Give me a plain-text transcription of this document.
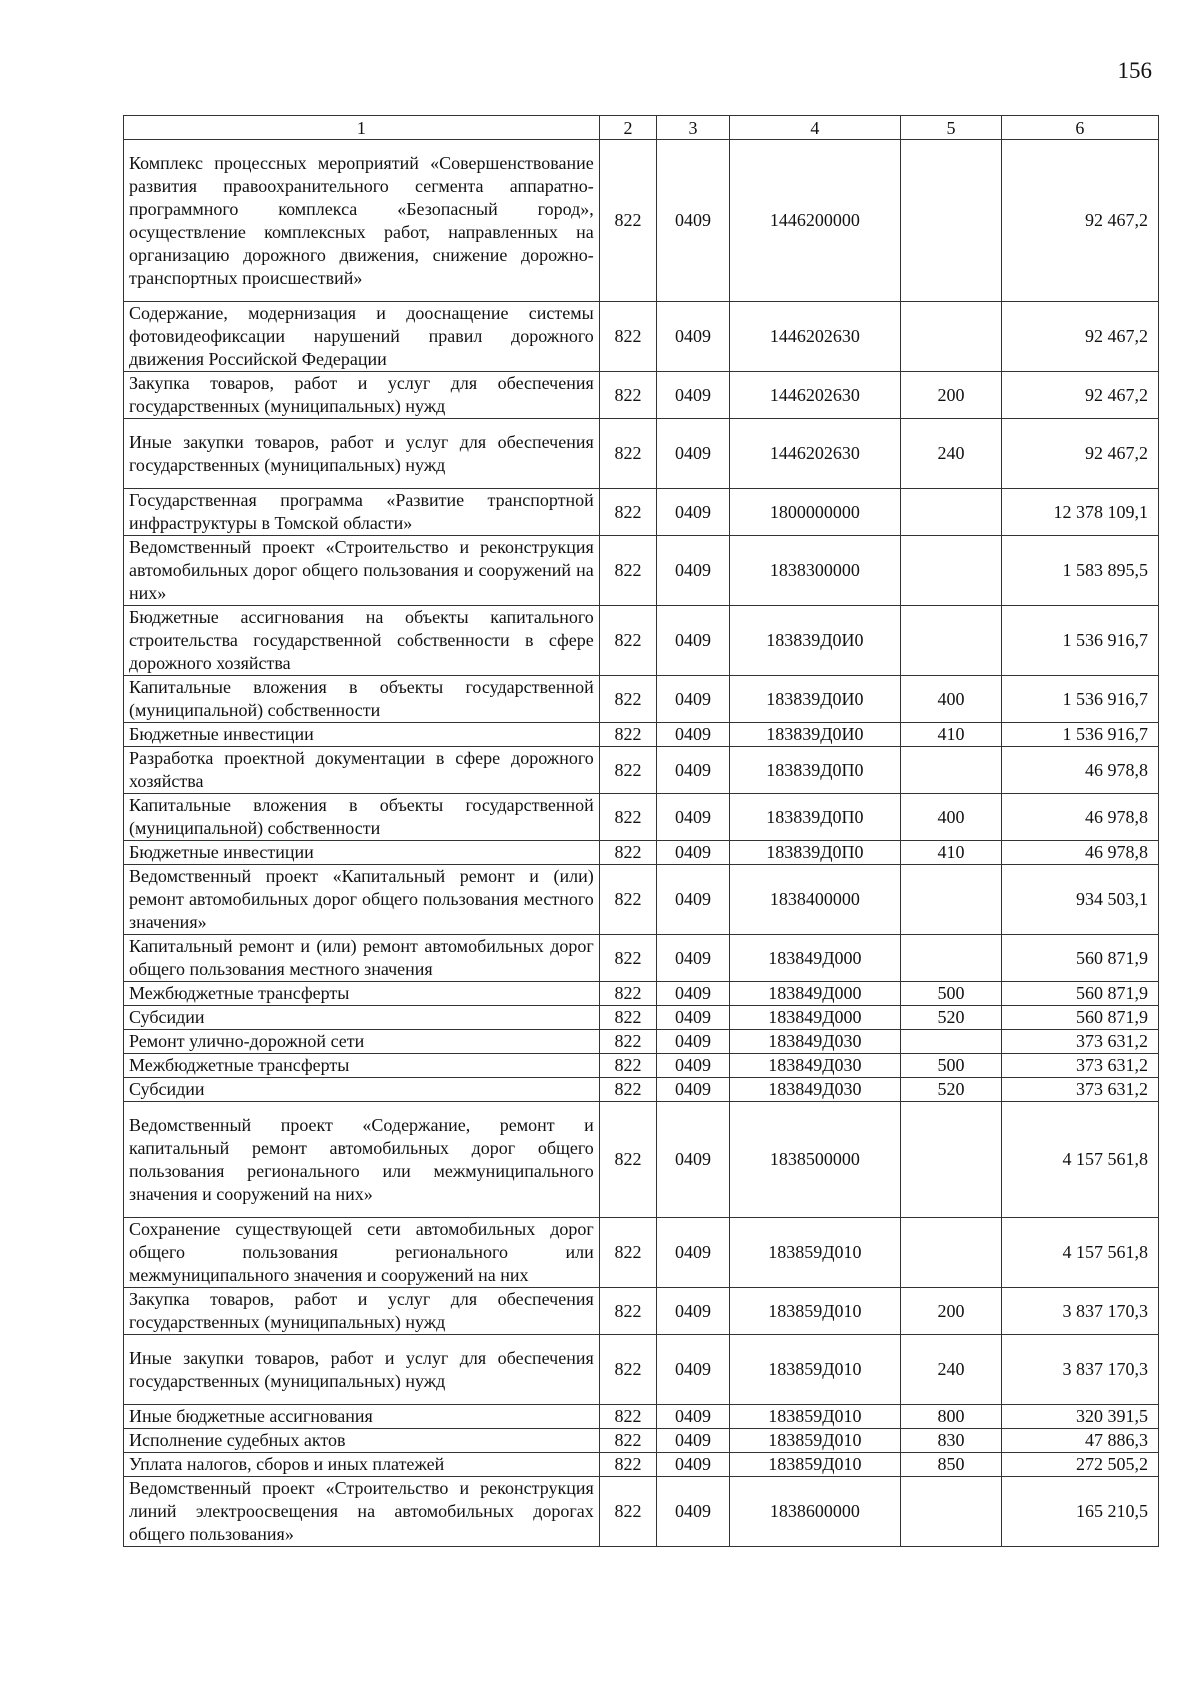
156
1	2	3	4	5	6
Комплекс процессных мероприятий «Совершенствование развития правоохранительного сегмента аппаратно-программного комплекса «Безопасный город», осуществление комплексных работ, направленных на организацию дорожного движения, снижение дорожно-транспортных происшествий»	822	0409	1446200000		92 467,2
Содержание, модернизация и дооснащение системы фотовидеофиксации нарушений правил дорожного движения Российской Федерации	822	0409	1446202630		92 467,2
Закупка товаров, работ и услуг для обеспечения государственных (муниципальных) нужд	822	0409	1446202630	200	92 467,2
Иные закупки товаров, работ и услуг для обеспечения государственных (муниципальных) нужд	822	0409	1446202630	240	92 467,2
Государственная программа «Развитие транспортной инфраструктуры в Томской области»	822	0409	1800000000		12 378 109,1
Ведомственный проект «Строительство и реконструкция автомобильных дорог общего пользования и сооружений на них»	822	0409	1838300000		1 583 895,5
Бюджетные ассигнования на объекты капитального строительства государственной собственности в сфере дорожного хозяйства	822	0409	183839Д0И0		1 536 916,7
Капитальные вложения в объекты государственной (муниципальной) собственности	822	0409	183839Д0И0	400	1 536 916,7
Бюджетные инвестиции	822	0409	183839Д0И0	410	1 536 916,7
Разработка проектной документации в сфере дорожного хозяйства	822	0409	183839Д0П0		46 978,8
Капитальные вложения в объекты государственной (муниципальной) собственности	822	0409	183839Д0П0	400	46 978,8
Бюджетные инвестиции	822	0409	183839Д0П0	410	46 978,8
Ведомственный проект «Капитальный ремонт и (или) ремонт автомобильных дорог общего пользования местного значения»	822	0409	1838400000		934 503,1
Капитальный ремонт и (или) ремонт автомобильных дорог общего пользования местного значения	822	0409	183849Д000		560 871,9
Межбюджетные трансферты	822	0409	183849Д000	500	560 871,9
Субсидии	822	0409	183849Д000	520	560 871,9
Ремонт улично-дорожной сети	822	0409	183849Д030		373 631,2
Межбюджетные трансферты	822	0409	183849Д030	500	373 631,2
Субсидии	822	0409	183849Д030	520	373 631,2
Ведомственный проект «Содержание, ремонт и капитальный ремонт автомобильных дорог общего пользования регионального или межмуниципального значения и сооружений на них»	822	0409	1838500000		4 157 561,8
Сохранение существующей сети автомобильных дорог общего пользования регионального или межмуниципального значения и сооружений на них	822	0409	183859Д010		4 157 561,8
Закупка товаров, работ и услуг для обеспечения государственных (муниципальных) нужд	822	0409	183859Д010	200	3 837 170,3
Иные закупки товаров, работ и услуг для обеспечения государственных (муниципальных) нужд	822	0409	183859Д010	240	3 837 170,3
Иные бюджетные ассигнования	822	0409	183859Д010	800	320 391,5
Исполнение судебных актов	822	0409	183859Д010	830	47 886,3
Уплата налогов, сборов и иных платежей	822	0409	183859Д010	850	272 505,2
Ведомственный проект «Строительство и реконструкция линий электроосвещения на автомобильных дорогах общего пользования»	822	0409	1838600000		165 210,5
